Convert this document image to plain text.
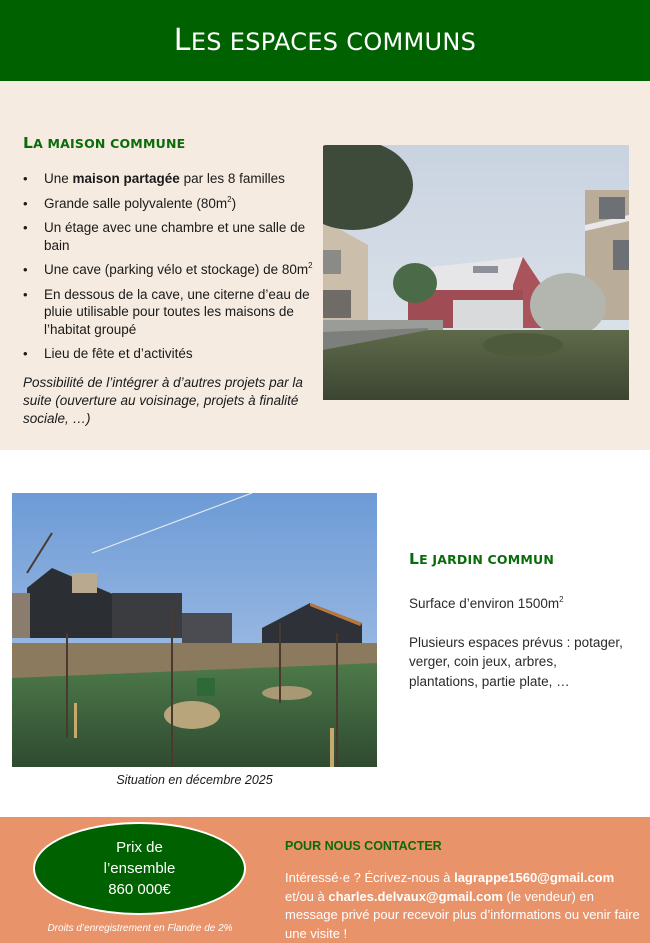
LES ESPACES COMMUNS
LA MAISON COMMUNE
• Une maison partagée par les 8 familles
• Grande salle polyvalente $(80m^2)$
• Un étage avec une chambre et une salle de bain
• Une cave (parking vélo et stockage) de $80m^2$
• En dessous de la cave, une citerne d’eau de pluie utilisable pour toutes les maisons de l’habitat groupé
• Lieu de fête et d’activités
Possibilité de l’intégrer à d’autres projets par la suite (ouverture au voisinage, projets à finalité sociale, …)
Situation en décembre 2025
LE JARDIN COMMUN

Surface d’environ $1500m^2$

Plusieurs espaces prévus : potager, verger, coin jeux, arbres, plantations, partie plate, …

Prix de
l’ensemble
860 000€
Droits d’enregistrement en Flandre de 2%
POUR NOUS CONTACTER
Intéressé·e ? Écrivez-nous à lagrappe1560@gmail.com et/ou à charles.delvaux@gmail.com (le vendeur) en message privé pour recevoir plus d’informations ou venir faire une visite !
